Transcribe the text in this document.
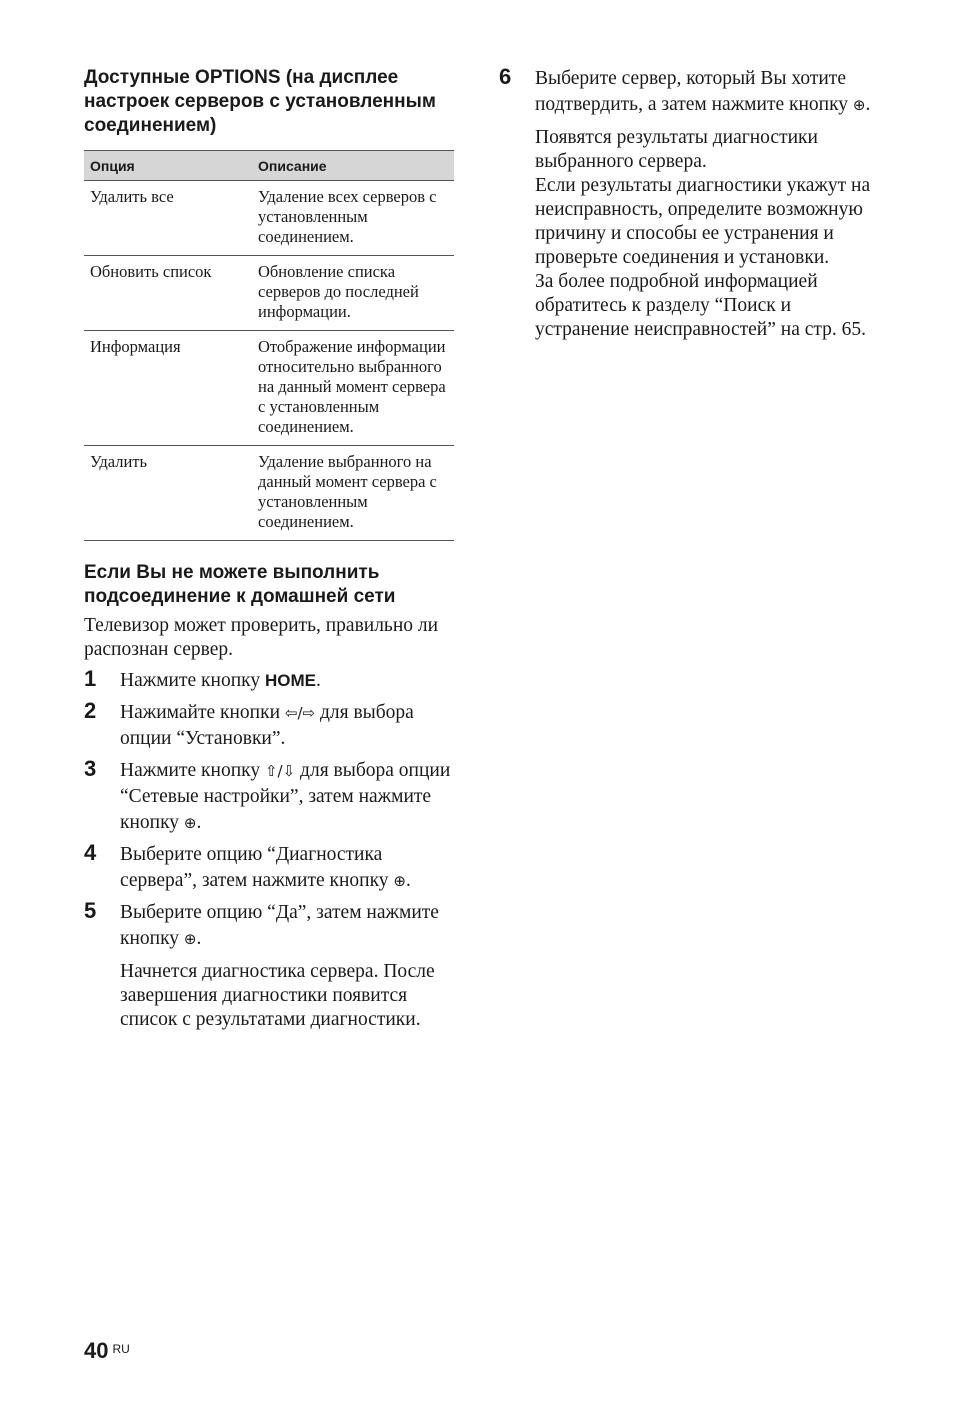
Доступные OPTIONS (на дисплее настроек серверов с установленным соединением)
Опция	Описание
Удалить все	Удаление всех серверов с установленным соединением.
Обновить список	Обновление списка серверов до последней информации.
Информация	Отображение информации относительно выбранного на данный момент сервера с установленным соединением.
Удалить	Удаление выбранного на данный момент сервера с установленным соединением.
Если Вы не можете выполнить подсоединение к домашней сети

Телевизор может проверить, правильно ли распознан сервер.

1 Нажмите кнопку HOME.
2 Нажимайте кнопки ⇦/⇨ для выбора опции “Установки”.
3 Нажмите кнопку ⇧/⇩ для выбора опции “Сетевые настройки”, затем нажмите кнопку ⊕.
4 Выберите опцию “Диагностика сервера”, затем нажмите кнопку ⊕.
5 Выберите опцию “Да”, затем нажмите кнопку ⊕.
Начнется диагностика сервера. После завершения диагностики появится список с результатами диагностики.
6 Выберите сервер, который Вы хотите подтвердить, а затем нажмите кнопку ⊕.
Появятся результаты диагностики выбранного сервера.
Если результаты диагностики укажут на неисправность, определите возможную причину и способы ее устранения и проверьте соединения и установки.
За более подробной информацией обратитесь к разделу “Поиск и устранение неисправностей” на стр. 65.
40 $^{RU}$
